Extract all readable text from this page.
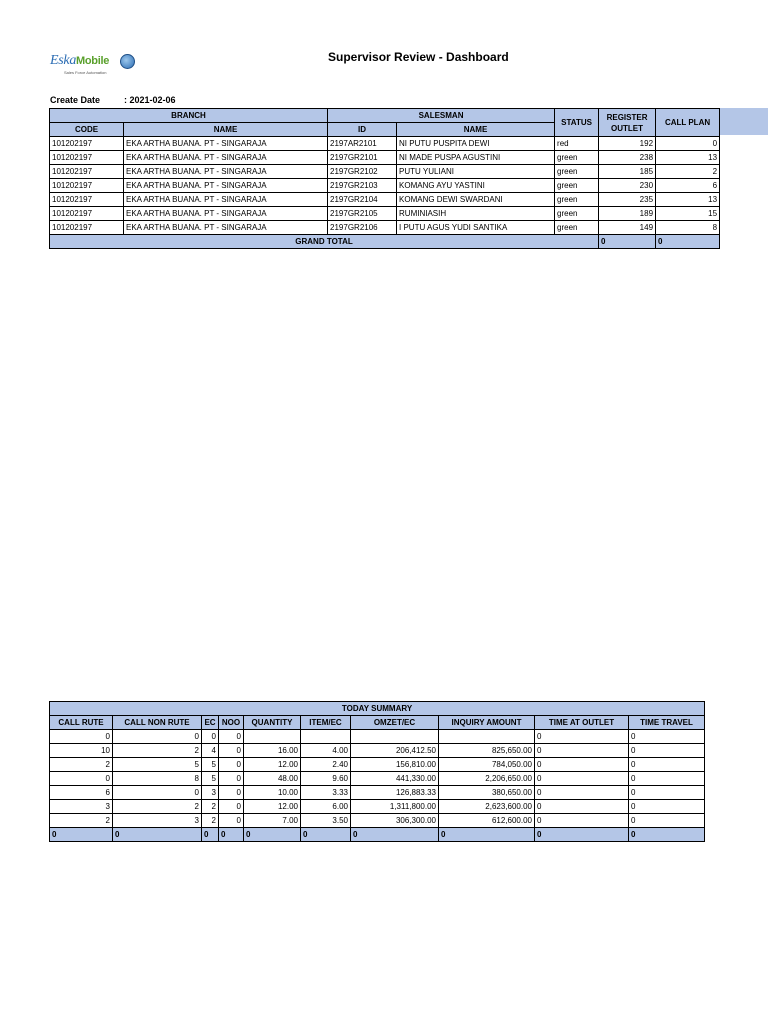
EskaMobile
Sales Force Automation
Supervisor Review - Dashboard
Create Date	: 2021-02-06
BRANCH		SALESMAN		STATUS	REGISTER OUTLET	CALL PLAN
CODE	NAME	ID	NAME			
101202197	EKA ARTHA BUANA. PT - SINGARAJA	2197AR2101	NI PUTU PUSPITA DEWI	red	192	0
101202197	EKA ARTHA BUANA. PT - SINGARAJA	2197GR2101	NI MADE PUSPA AGUSTINI	green	238	13
101202197	EKA ARTHA BUANA. PT - SINGARAJA	2197GR2102	PUTU YULIANI	green	185	2
101202197	EKA ARTHA BUANA. PT - SINGARAJA	2197GR2103	KOMANG AYU YASTINI	green	230	6
101202197	EKA ARTHA BUANA. PT - SINGARAJA	2197GR2104	KOMANG DEWI SWARDANI	green	235	13
101202197	EKA ARTHA BUANA. PT - SINGARAJA	2197GR2105	RUMINIASIH	green	189	15
101202197	EKA ARTHA BUANA. PT - SINGARAJA	2197GR2106	I PUTU AGUS YUDI SANTIKA	green	149	8
GRAND TOTAL					0	0
TODAY SUMMARY									
CALL RUTE	CALL NON RUTE	EC	NOO	QUANTITY	ITEM/EC	OMZET/EC	INQUIRY AMOUNT	TIME AT OUTLET	TIME TRAVEL
0	0	0	0					0	0
10	2	4	0	16.00	4.00	206,412.50	825,650.00	0	0
2	5	5	0	12.00	2.40	156,810.00	784,050.00	0	0
0	8	5	0	48.00	9.60	441,330.00	2,206,650.00	0	0
6	0	3	0	10.00	3.33	126,883.33	380,650.00	0	0
3	2	2	0	12.00	6.00	1,311,800.00	2,623,600.00	0	0
2	3	2	0	7.00	3.50	306,300.00	612,600.00	0	0
0	0	0	0	0	0	0	0	0	0
